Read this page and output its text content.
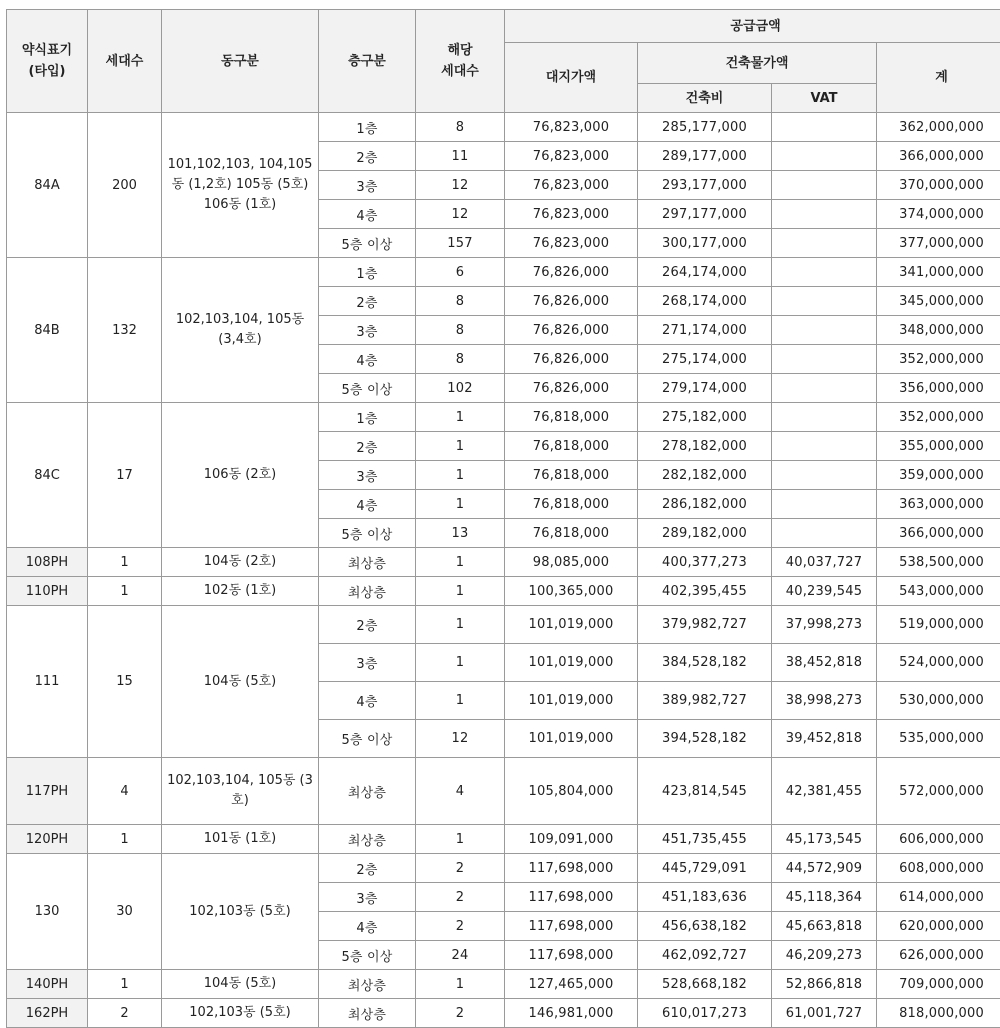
약식표기
(타입)	세대수	동구분	층구분	해당
세대수	공급금액			
					대지가액	건축물가액		계
						건축비	VAT	
84A	200	101,102,103, 104,105동 (1,2호) 105동 (5호) 106동 (1호)	1층	8	76,823,000	285,177,000		362,000,000
			2층	11	76,823,000	289,177,000		366,000,000
			3층	12	76,823,000	293,177,000		370,000,000
			4층	12	76,823,000	297,177,000		374,000,000
			5층 이상	157	76,823,000	300,177,000		377,000,000
84B	132	102,103,104, 105동 (3,4호)	1층	6	76,826,000	264,174,000		341,000,000
			2층	8	76,826,000	268,174,000		345,000,000
			3층	8	76,826,000	271,174,000		348,000,000
			4층	8	76,826,000	275,174,000		352,000,000
			5층 이상	102	76,826,000	279,174,000		356,000,000
84C	17	106동 (2호)	1층	1	76,818,000	275,182,000		352,000,000
			2층	1	76,818,000	278,182,000		355,000,000
			3층	1	76,818,000	282,182,000		359,000,000
			4층	1	76,818,000	286,182,000		363,000,000
			5층 이상	13	76,818,000	289,182,000		366,000,000
108PH	1	104동 (2호)	최상층	1	98,085,000	400,377,273	40,037,727	538,500,000
110PH	1	102동 (1호)	최상층	1	100,365,000	402,395,455	40,239,545	543,000,000
111	15	104동 (5호)	2층	1	101,019,000	379,982,727	37,998,273	519,000,000
			3층	1	101,019,000	384,528,182	38,452,818	524,000,000
			4층	1	101,019,000	389,982,727	38,998,273	530,000,000
			5층 이상	12	101,019,000	394,528,182	39,452,818	535,000,000
117PH	4	102,103,104, 105동 (3호)	최상층	4	105,804,000	423,814,545	42,381,455	572,000,000
120PH	1	101동 (1호)	최상층	1	109,091,000	451,735,455	45,173,545	606,000,000
130	30	102,103동 (5호)	2층	2	117,698,000	445,729,091	44,572,909	608,000,000
			3층	2	117,698,000	451,183,636	45,118,364	614,000,000
			4층	2	117,698,000	456,638,182	45,663,818	620,000,000
			5층 이상	24	117,698,000	462,092,727	46,209,273	626,000,000
140PH	1	104동 (5호)	최상층	1	127,465,000	528,668,182	52,866,818	709,000,000
162PH	2	102,103동 (5호)	최상층	2	146,981,000	610,017,273	61,001,727	818,000,000
